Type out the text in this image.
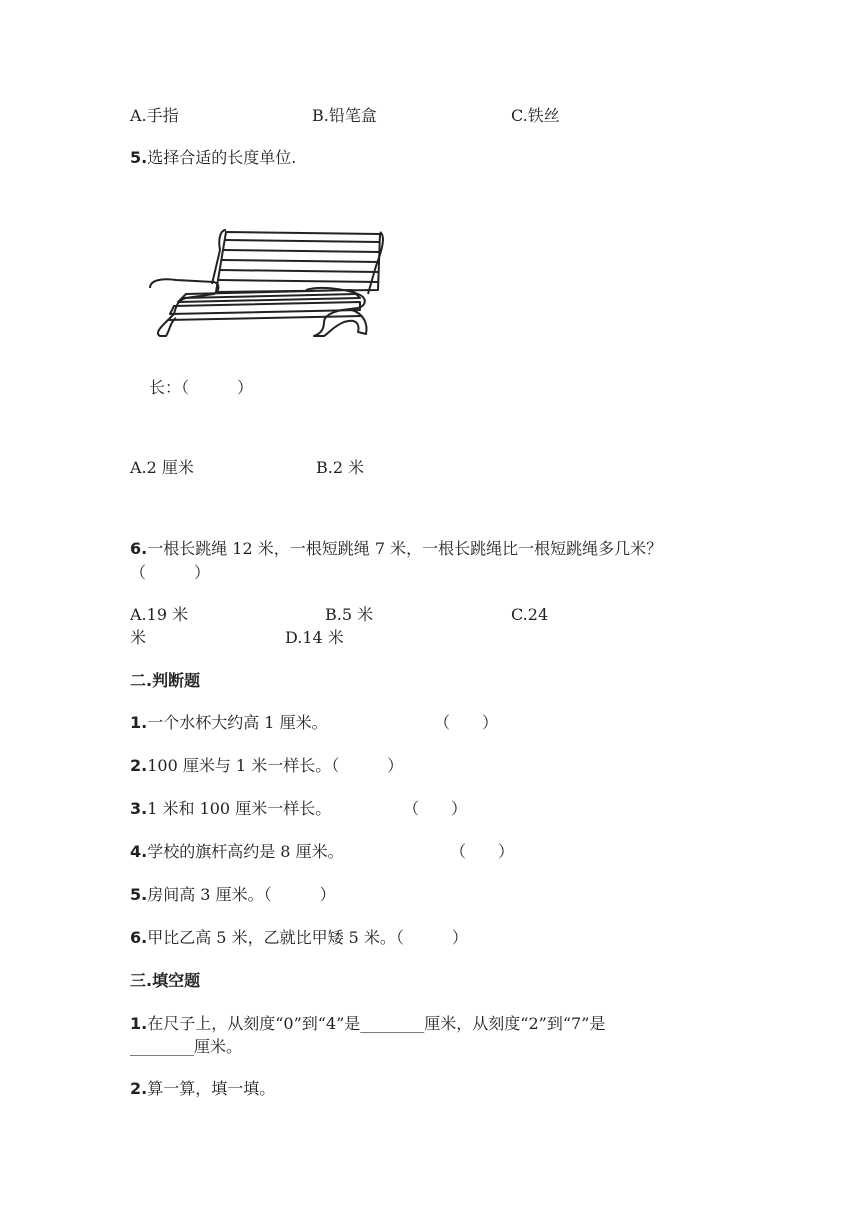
A.手指	B.铅笔盒	C.铁丝
5.选择合适的长度单位.
长：（　　　）
A.2 厘米	B.2 米
6.一根长跳绳 12 米，一根短跳绳 7 米，一根长跳绳比一根短跳绳多几米？
（　　　）
A.19 米	B.5 米	C.24
米	D.14 米
二.判断题
1.一个水杯大约高 1 厘米。	（　　）
2.100 厘米与 1 米一样长。（　　　）
3.1 米和 100 厘米一样长。	（　　）
4.学校的旗杆高约是 8 厘米。	（　　）
5.房间高 3 厘米。（　　　）
6.甲比乙高 5 米，乙就比甲矮 5 米。（　　　）
三.填空题
1.在尺子上，从刻度“0”到“4”是________厘米，从刻度“2”到“7”是
________厘米。
2.算一算，填一填。
